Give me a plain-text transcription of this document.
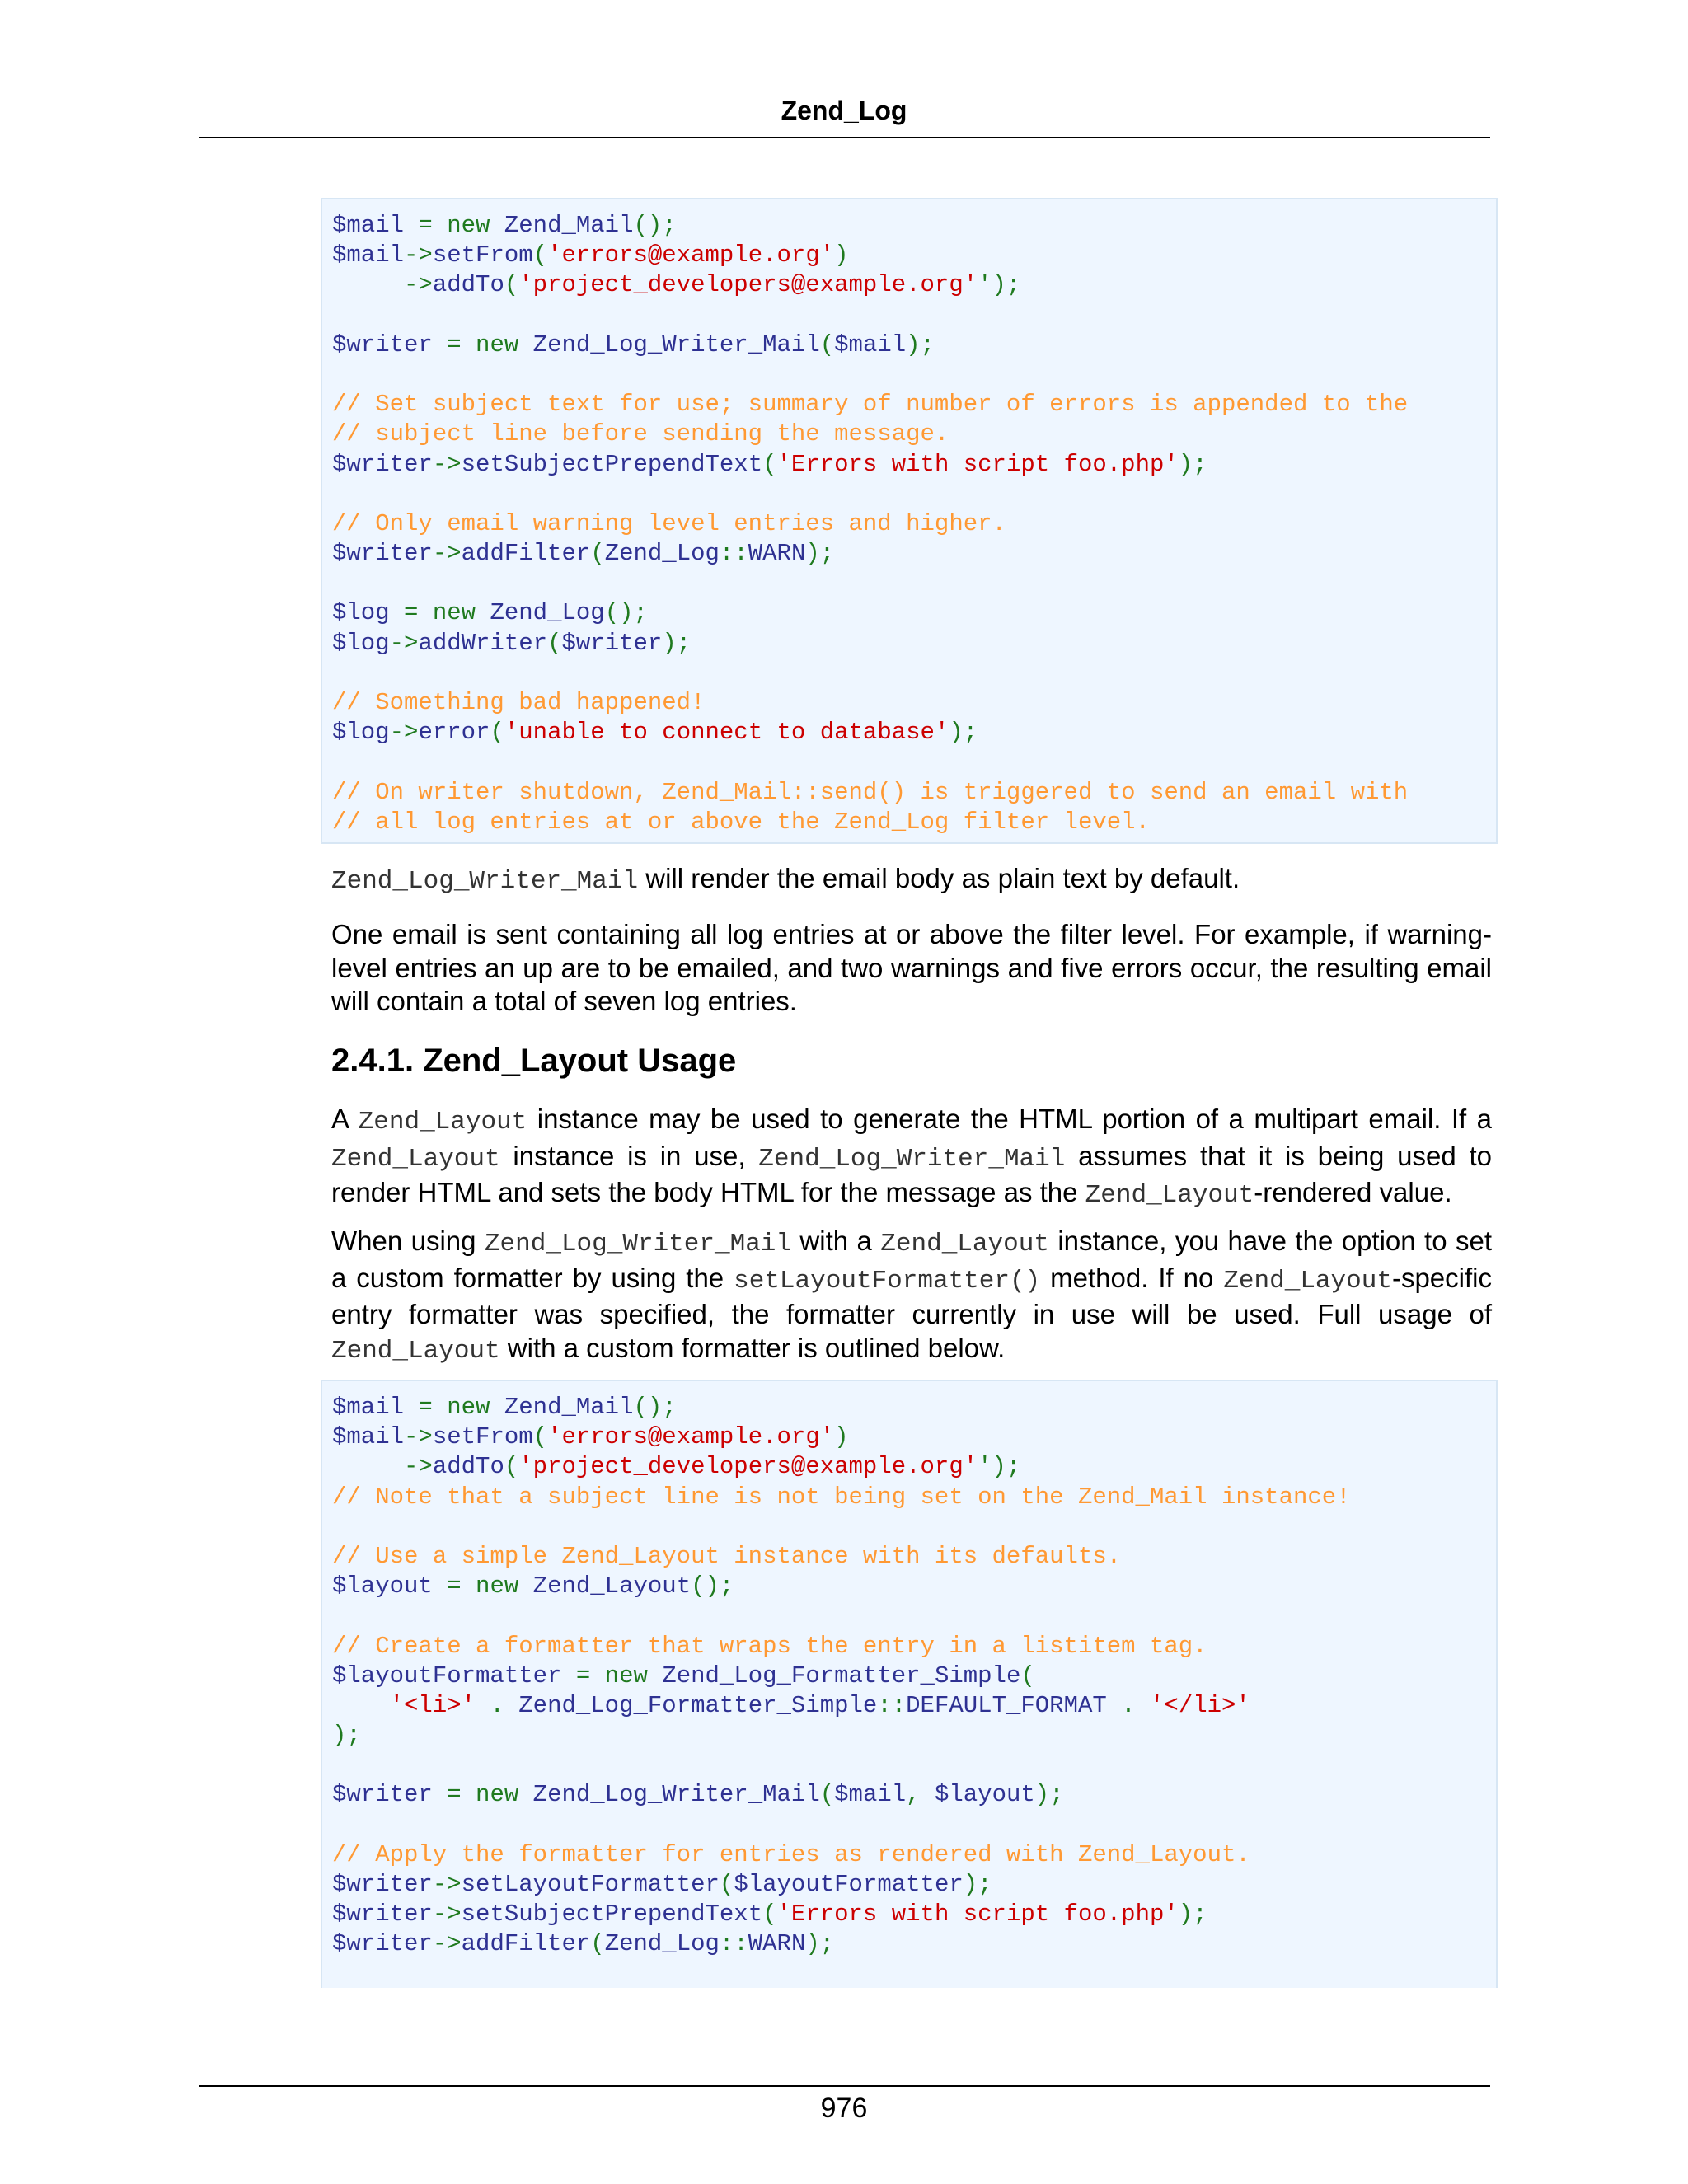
Zend_Log
$mail = new Zend_Mail();
$mail->setFrom('errors@example.org')
->addTo('project_developers@example.org'');

$writer = new Zend_Log_Writer_Mail($mail);

// Set subject text for use; summary of number of errors is appended to the
// subject line before sending the message.
$writer->setSubjectPrependText('Errors with script foo.php');

// Only email warning level entries and higher.
$writer->addFilter(Zend_Log::WARN);

$log = new Zend_Log();
$log->addWriter($writer);

// Something bad happened!
$log->error('unable to connect to database');

// On writer shutdown, Zend_Mail::send() is triggered to send an email with
// all log entries at or above the Zend_Log filter level.
Zend_Log_Writer_Mail will render the email body as plain text by default.
One email is sent containing all log entries at or above the filter level. For example, if warning-level entries an up are to be emailed, and two warnings and five errors occur, the resulting email will contain a total of seven log entries.
2.4.1. Zend_Layout Usage
A Zend_Layout instance may be used to generate the HTML portion of a multipart email. If a Zend_Layout instance is in use, Zend_Log_Writer_Mail assumes that it is being used to render HTML and sets the body HTML for the message as the Zend_Layout-rendered value.
When using Zend_Log_Writer_Mail with a Zend_Layout instance, you have the option to set a custom formatter by using the setLayoutFormatter() method. If no Zend_Layout-specific entry formatter was specified, the formatter currently in use will be used. Full usage of Zend_Layout with a custom formatter is outlined below.
$mail = new Zend_Mail();
$mail->setFrom('errors@example.org')
->addTo('project_developers@example.org'');
// Note that a subject line is not being set on the Zend_Mail instance!

// Use a simple Zend_Layout instance with its defaults.
$layout = new Zend_Layout();

// Create a formatter that wraps the entry in a listitem tag.
$layoutFormatter = new Zend_Log_Formatter_Simple(
'<li>' . Zend_Log_Formatter_Simple::DEFAULT_FORMAT . '</li>'
);

$writer = new Zend_Log_Writer_Mail($mail, $layout);

// Apply the formatter for entries as rendered with Zend_Layout.
$writer->setLayoutFormatter($layoutFormatter);
$writer->setSubjectPrependText('Errors with script foo.php');
$writer->addFilter(Zend_Log::WARN);
976
